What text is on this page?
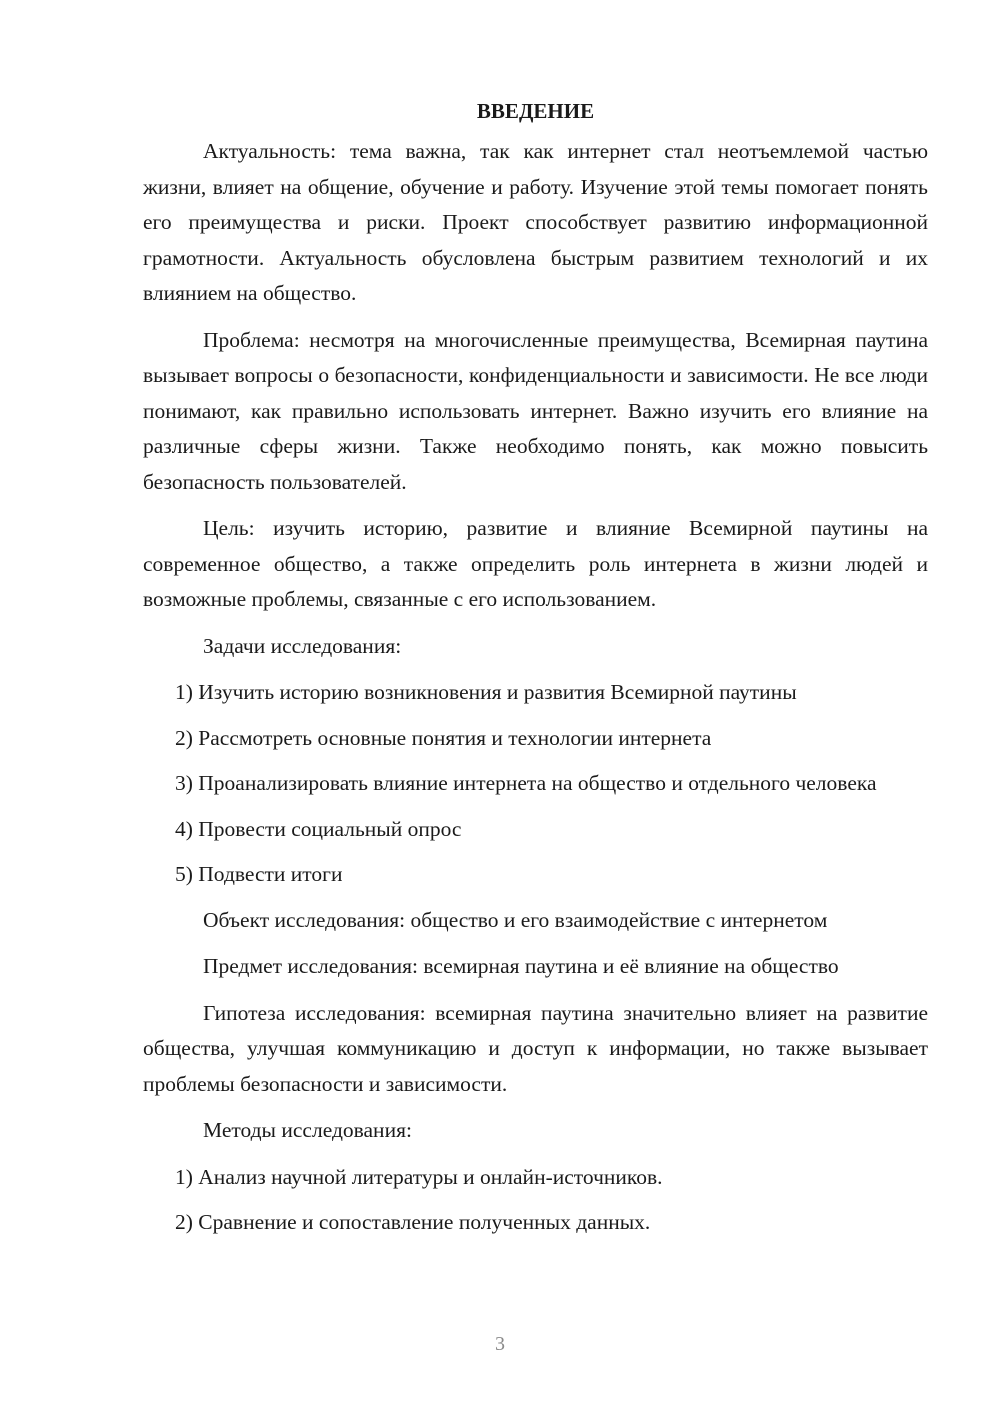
ВВЕДЕНИЕ

Актуальность: тема важна, так как интернет стал неотъемлемой частью жизни, влияет на общение, обучение и работу. Изучение этой темы помогает понять его преимущества и риски. Проект способствует развитию информационной грамотности. Актуальность обусловлена быстрым развитием технологий и их влиянием на общество.

Проблема: несмотря на многочисленные преимущества, Всемирная паутина вызывает вопросы о безопасности, конфиденциальности и зависимости. Не все люди понимают, как правильно использовать интернет. Важно изучить его влияние на различные сферы жизни. Также необходимо понять, как можно повысить безопасность пользователей.

Цель: изучить историю, развитие и влияние Всемирной паутины на современное общество, а также определить роль интернета в жизни людей и возможные проблемы, связанные с его использованием.

Задачи исследования:

1) Изучить историю возникновения и развития Всемирной паутины

2) Рассмотреть основные понятия и технологии интернета

3) Проанализировать влияние интернета на общество и отдельного человека

4) Провести социальный опрос

5) Подвести итоги

Объект исследования: общество и его взаимодействие с интернетом

Предмет исследования: всемирная паутина и её влияние на общество

Гипотеза исследования: всемирная паутина значительно влияет на развитие общества, улучшая коммуникацию и доступ к информации, но также вызывает проблемы безопасности и зависимости.

Методы исследования:

1) Анализ научной литературы и онлайн-источников.

2) Сравнение и сопоставление полученных данных.

3
